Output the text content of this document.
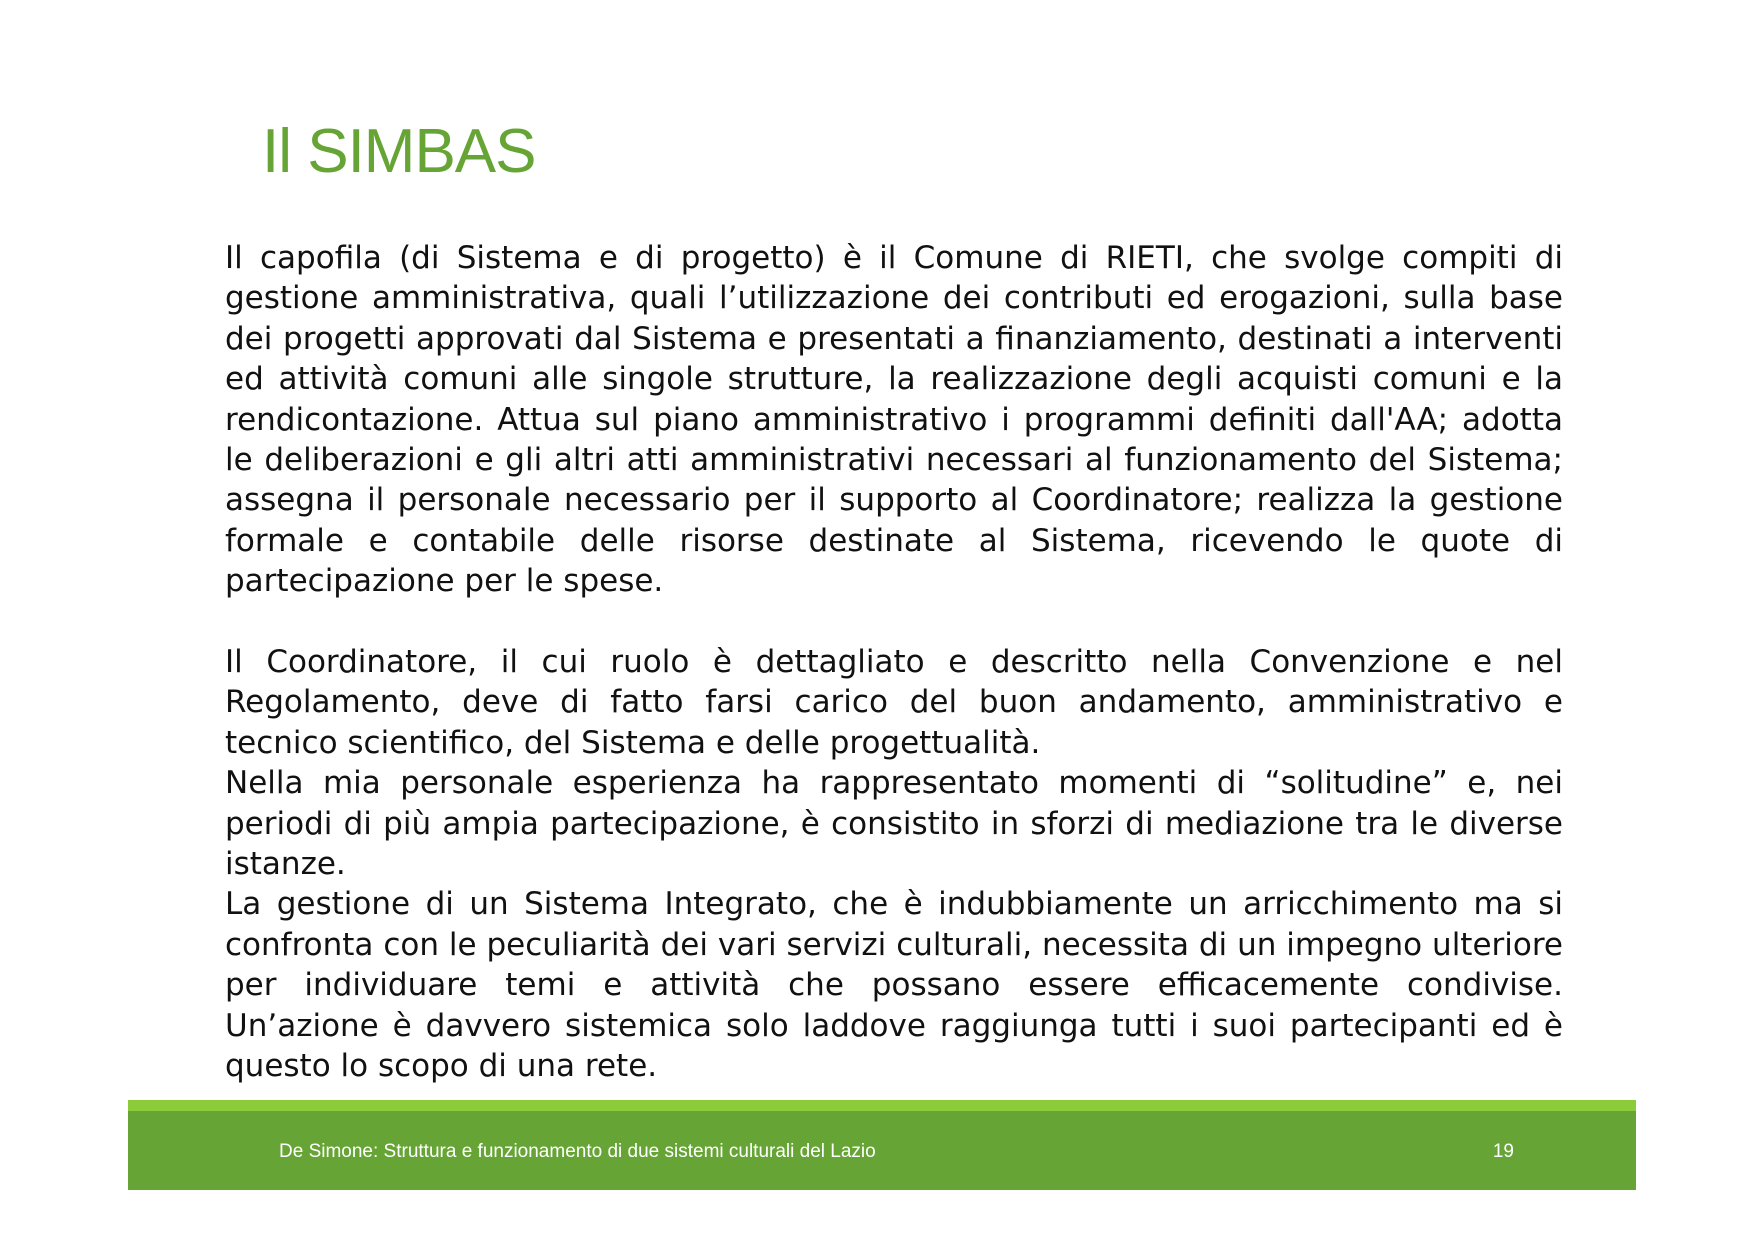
Il SIMBAS

Il capofila (di Sistema e di progetto) è il Comune di RIETI, che svolge compiti di gestione amministrativa, quali l’utilizzazione dei contributi ed erogazioni, sulla base dei progetti approvati dal Sistema e presentati a finanziamento, destinati a interventi ed attività comuni alle singole strutture, la realizzazione degli acquisti comuni e la rendicontazione. Attua sul piano amministrativo i programmi definiti dall'AA; adotta le deliberazioni e gli altri atti amministrativi necessari al funzionamento del Sistema; assegna il personale necessario per il supporto al Coordinatore; realizza la gestione formale e contabile delle risorse destinate al Sistema, ricevendo le quote di partecipazione per le spese.

Il Coordinatore, il cui ruolo è dettagliato e descritto nella Convenzione e nel Regolamento, deve di fatto farsi carico del buon andamento, amministrativo e tecnico scientifico, del Sistema e delle progettualità.

Nella mia personale esperienza ha rappresentato momenti di “solitudine” e, nei periodi di più ampia partecipazione, è consistito in sforzi di mediazione tra le diverse istanze.

La gestione di un Sistema Integrato, che è indubbiamente un arricchimento ma si confronta con le peculiarità dei vari servizi culturali, necessita di un impegno ulteriore per individuare temi e attività che possano essere efficacemente condivise. Un’azione è davvero sistemica solo laddove raggiunga tutti i suoi partecipanti ed è questo lo scopo di una rete.

De Simone: Struttura e funzionamento di due sistemi culturali del Lazio	19
